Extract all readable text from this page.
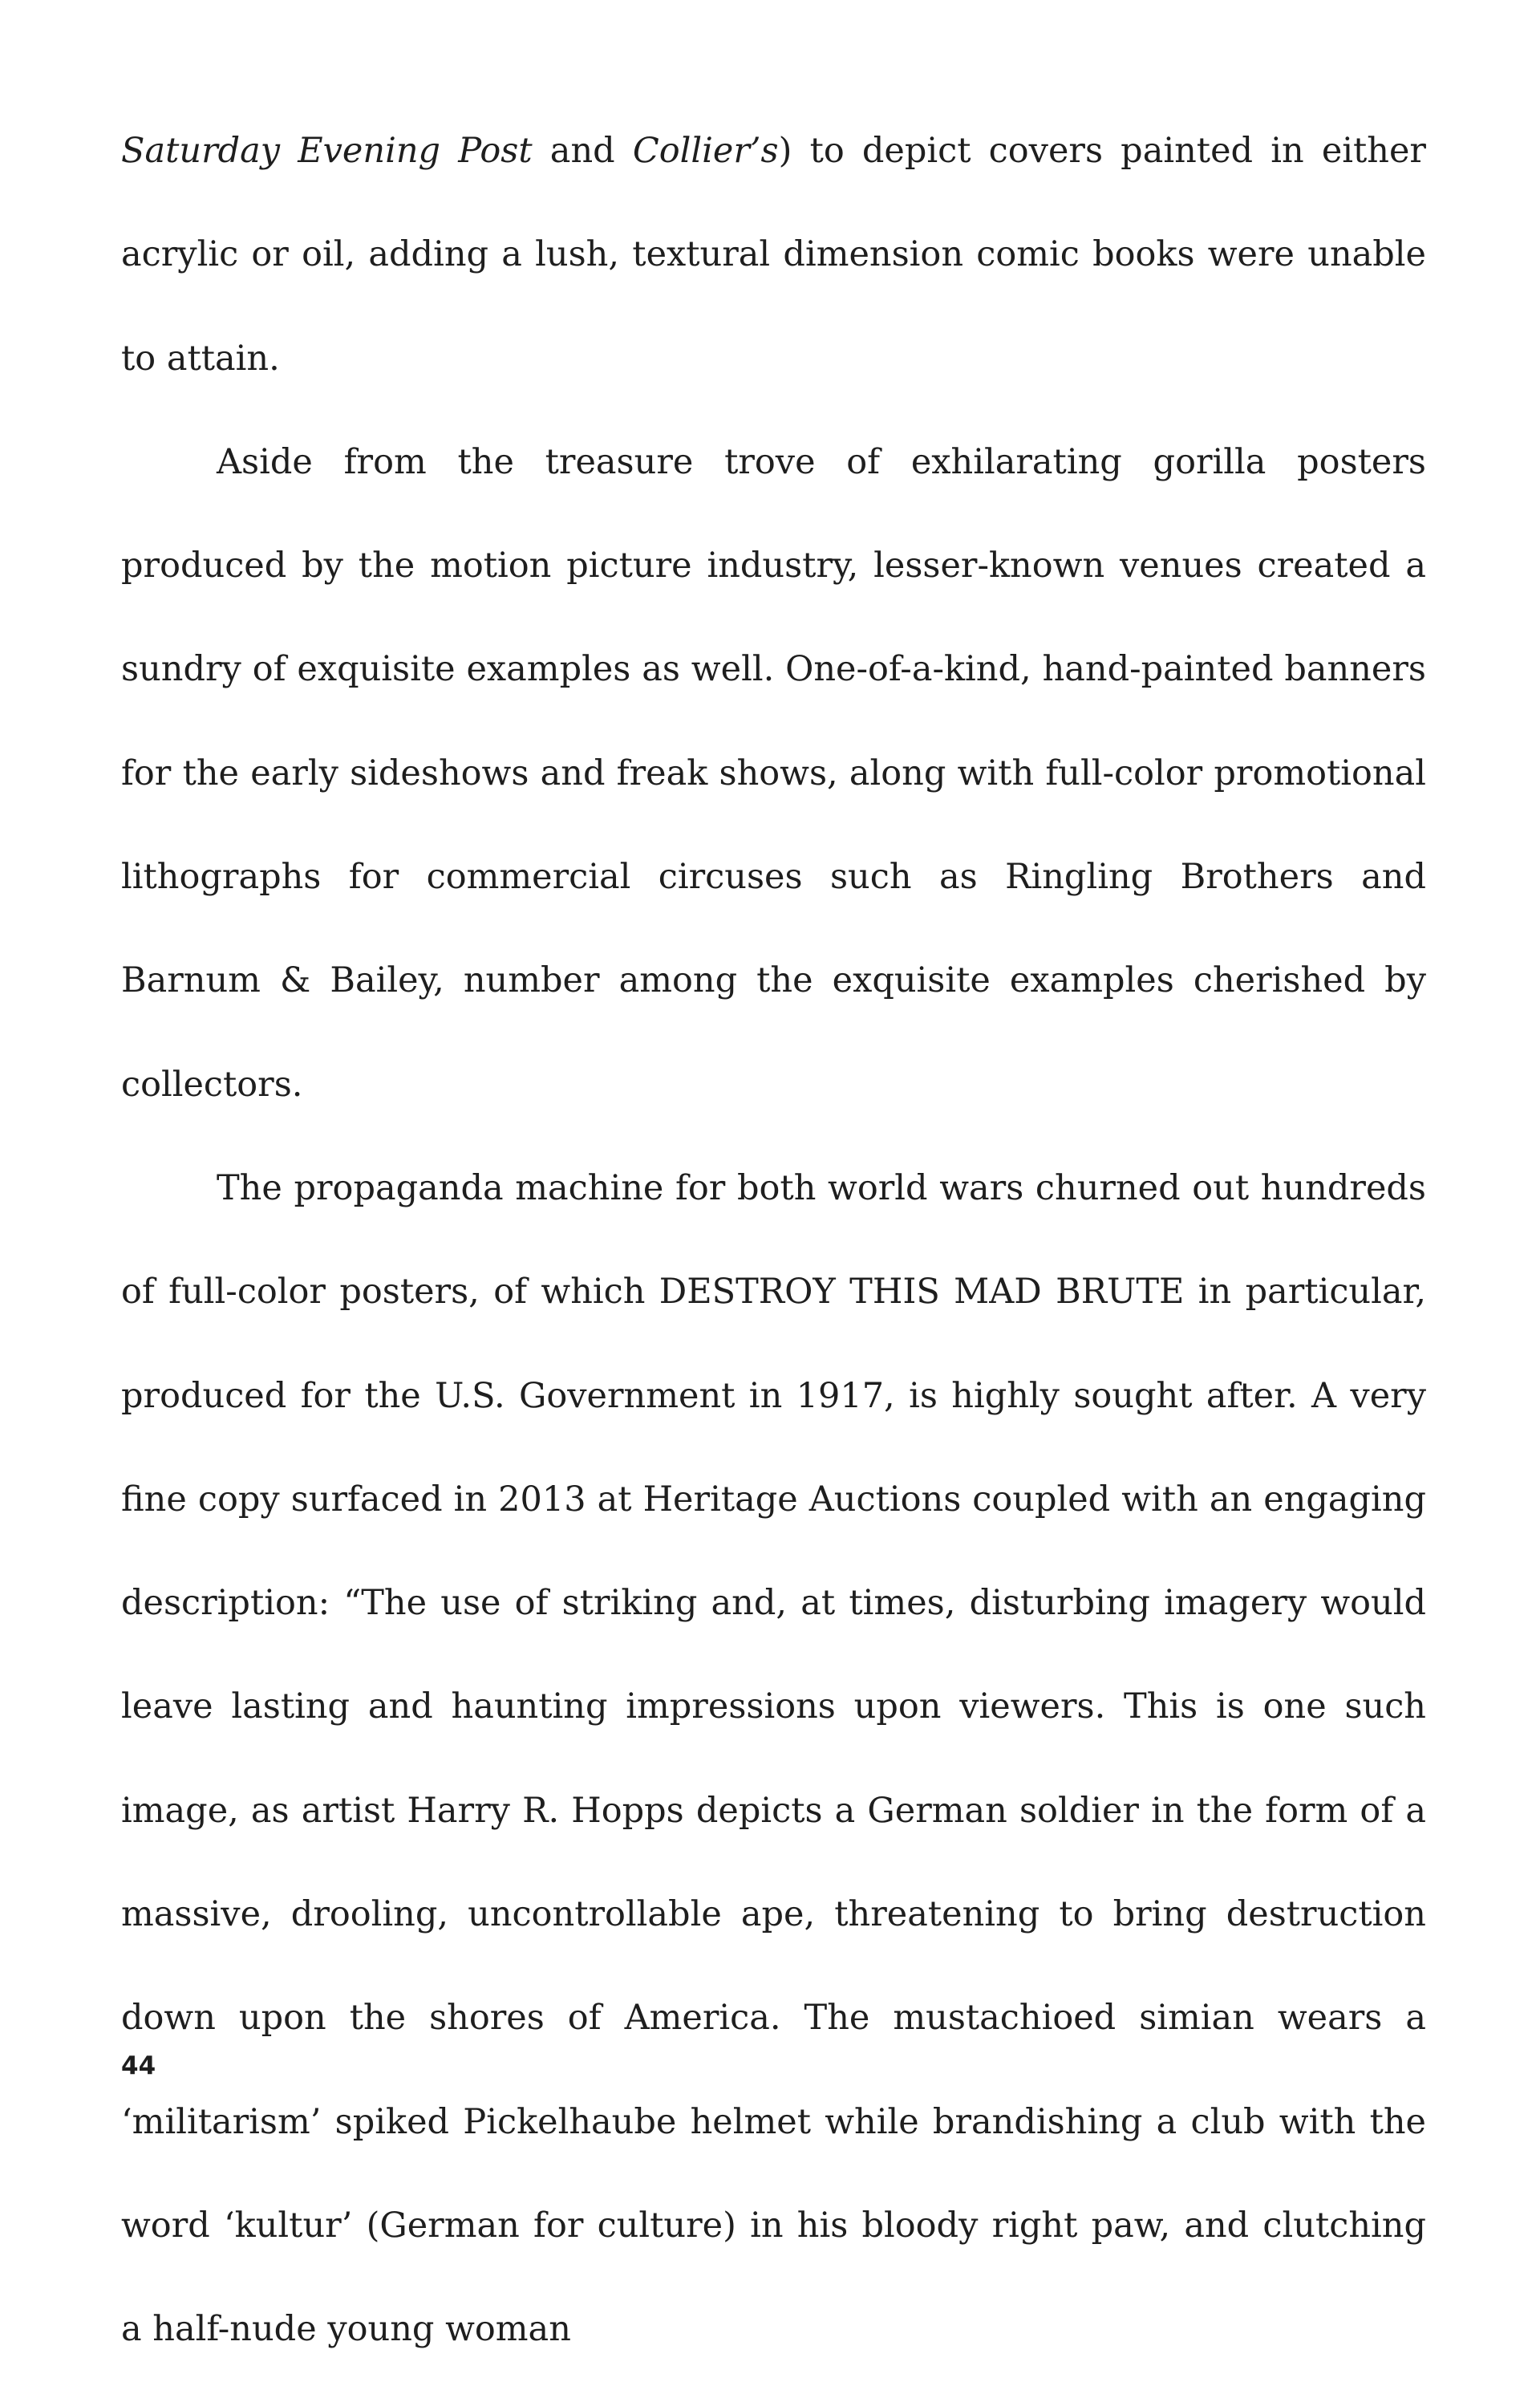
Saturday Evening Post and Collier’s) to depict covers painted in either acrylic or oil, adding a lush, textural dimension comic books were unable to attain.

Aside from the treasure trove of exhilarating gorilla posters produced by the motion picture industry, lesser-known venues created a sundry of exquisite examples as well. One-of-a-kind, hand-painted banners for the early sideshows and freak shows, along with full-color promotional lithographs for commercial circuses such as Ringling Brothers and Barnum & Bailey, number among the exquisite examples cherished by collectors.

The propaganda machine for both world wars churned out hundreds of full-color posters, of which DESTROY THIS MAD BRUTE in particular, produced for the U.S. Government in 1917, is highly sought after. A very fine copy surfaced in 2013 at Heritage Auctions coupled with an engaging description: “The use of striking and, at times, disturbing imagery would leave lasting and haunting impressions upon viewers. This is one such image, as artist Harry R. Hopps depicts a German soldier in the form of a massive, drooling, uncontrollable ape, threatening to bring destruction down upon the shores of America. The mustachioed simian wears a ‘militarism’ spiked Pickelhaube helmet while brandishing a club with the word ‘kultur’ (German for culture) in his bloody right paw, and clutching a half-nude young woman

44
